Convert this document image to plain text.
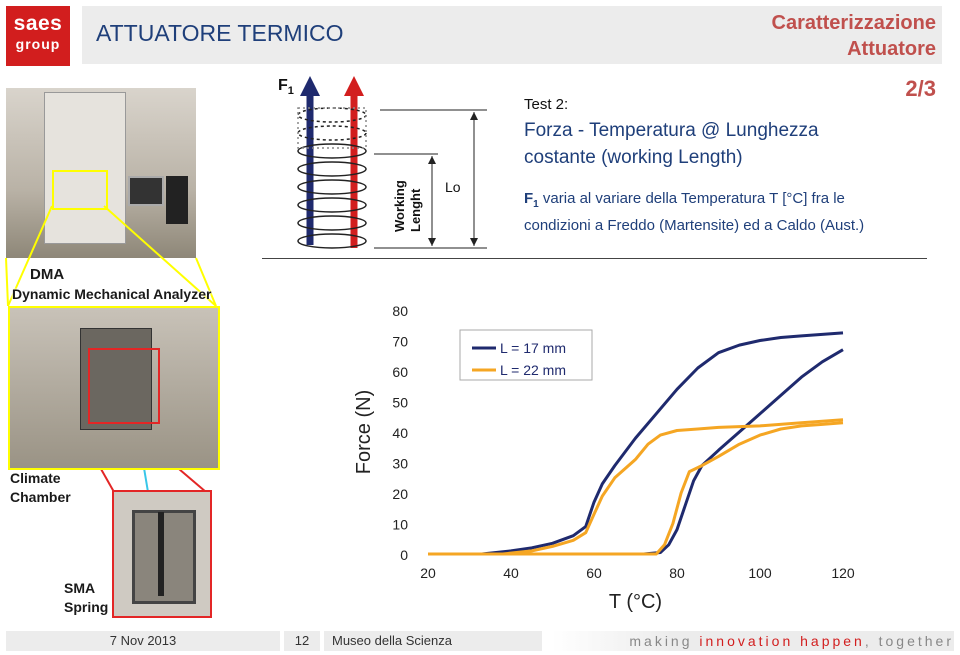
saes
group	ATTUATORE TERMICO	Caratterizzazione
Attuatore
2/3
$F_1$
Working Lenght
Lo
Test 2:
Forza - Temperatura @ Lunghezza
costante (working Length)
$F_1$ varia al variare della Temperatura T [°C] fra le
condizioni a Freddo (Martensite) ed a Caldo (Aust.)
DMA
Dynamic Mechanical Analyzer
Climate
Chamber
SMA
Spring
0
10
20
30
40
50
60
70
80
20	40	60	80	100	120
Force (N)
T (°C)
L = 17 mm
L = 22 mm
7 Nov 2013	12	Museo della Scienza	making innovation happen, together
